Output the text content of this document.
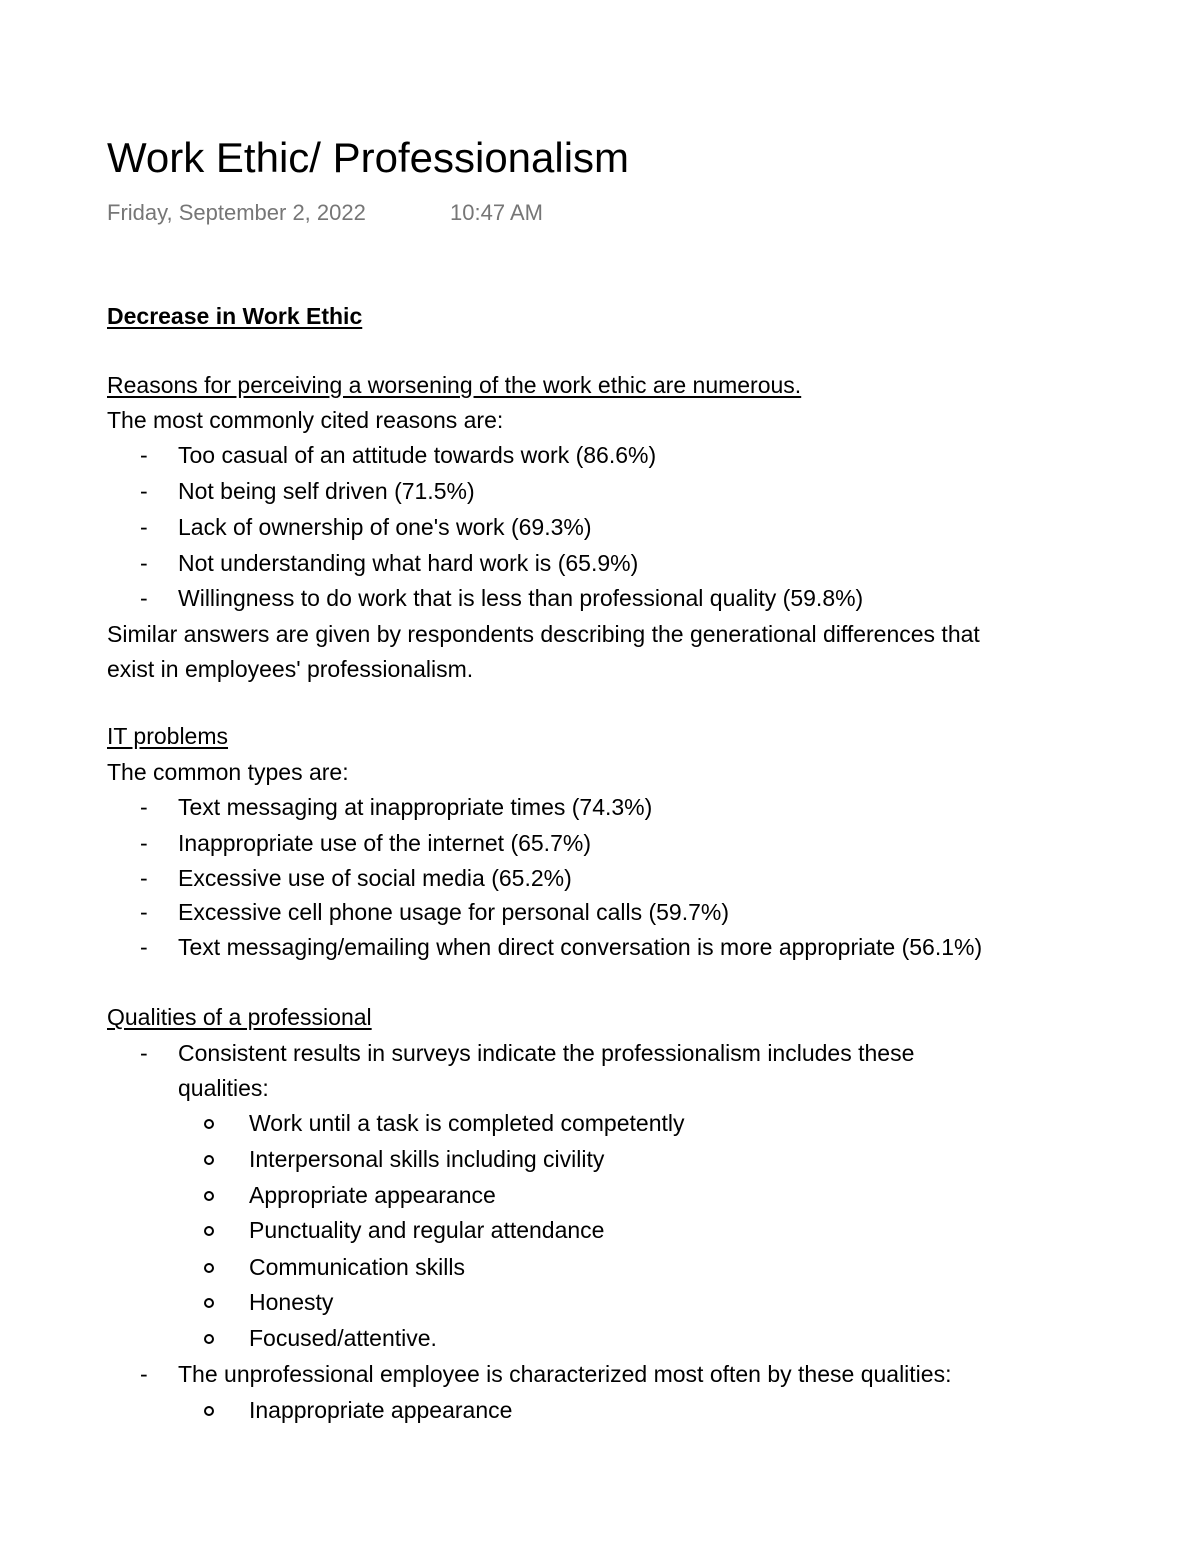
Work Ethic/ Professionalism
Friday, September 2, 2022	10:47 AM
Decrease in Work Ethic
Reasons for perceiving a worsening of the work ethic are numerous.
The most commonly cited reasons are:
- Too casual of an attitude towards work (86.6%)
- Not being self driven (71.5%)
- Lack of ownership of one's work (69.3%)
- Not understanding what hard work is (65.9%)
- Willingness to do work that is less than professional quality (59.8%)
Similar answers are given by respondents describing the generational differences that
exist in employees' professionalism.
IT problems
The common types are:
- Text messaging at inappropriate times (74.3%)
- Inappropriate use of the internet (65.7%)
- Excessive use of social media (65.2%)
- Excessive cell phone usage for personal calls (59.7%)
- Text messaging/emailing when direct conversation is more appropriate (56.1%)
Qualities of a professional
- Consistent results in surveys indicate the professionalism includes these
qualities:
Work until a task is completed competently
Interpersonal skills including civility
Appropriate appearance
Punctuality and regular attendance
Communication skills
Honesty
Focused/attentive.
- The unprofessional employee is characterized most often by these qualities:
Inappropriate appearance
